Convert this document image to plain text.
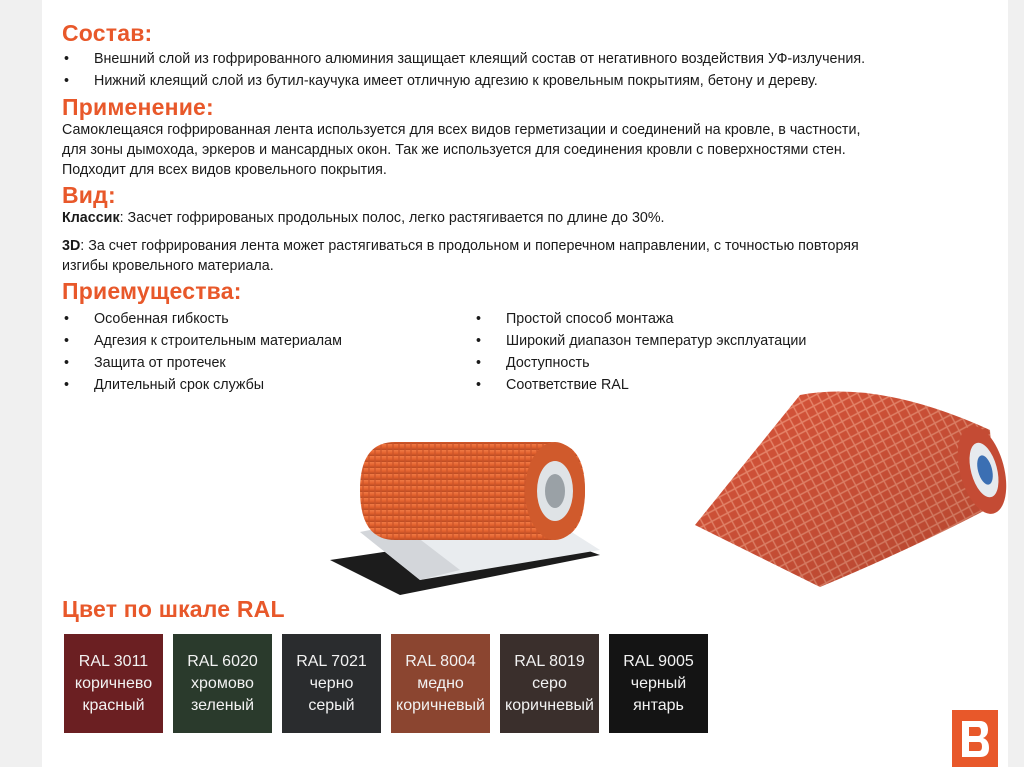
Состав:
• Внешний слой из гофрированного алюминия защищает клеящий состав от негативного воздействия УФ-излучения.
• Нижний клеящий слой из бутил-каучука имеет отличную адгезию к кровельным покрытиям, бетону и дереву.
Применение:

Самоклещаяся гофрированная лента используется для всех видов герметизации и соединений на кровле, в частности,

для зоны дымохода, эркеров и мансардных окон. Так же используется для соединения кровли с поверхностями стен.

Подходит для всех видов кровельного покрытия.

Вид:

Классик: Засчет гофрированых продольных полос, легко растягивается по длине до 30%.

3D: За счет гофрирования лента может растягиваться в продольном и поперечном направлении, с точностью повторяя

изгибы кровельного материала.

Приемущества:
• Особенная гибкость
• Адгезия к строительным материалам
• Защита от протечек
• Длительный срок службы
• Простой способ монтажа
• Широкий диапазон температур эксплуатации
• Доступность
• Соответствие RAL
Цвет по шкале RAL
RAL 3011
коричнево
красный
RAL 6020
хромово
зеленый
RAL 7021
черно
серый
RAL 8004
медно
коричневый
RAL 8019
серо
коричневый
RAL 9005
черный
янтарь
